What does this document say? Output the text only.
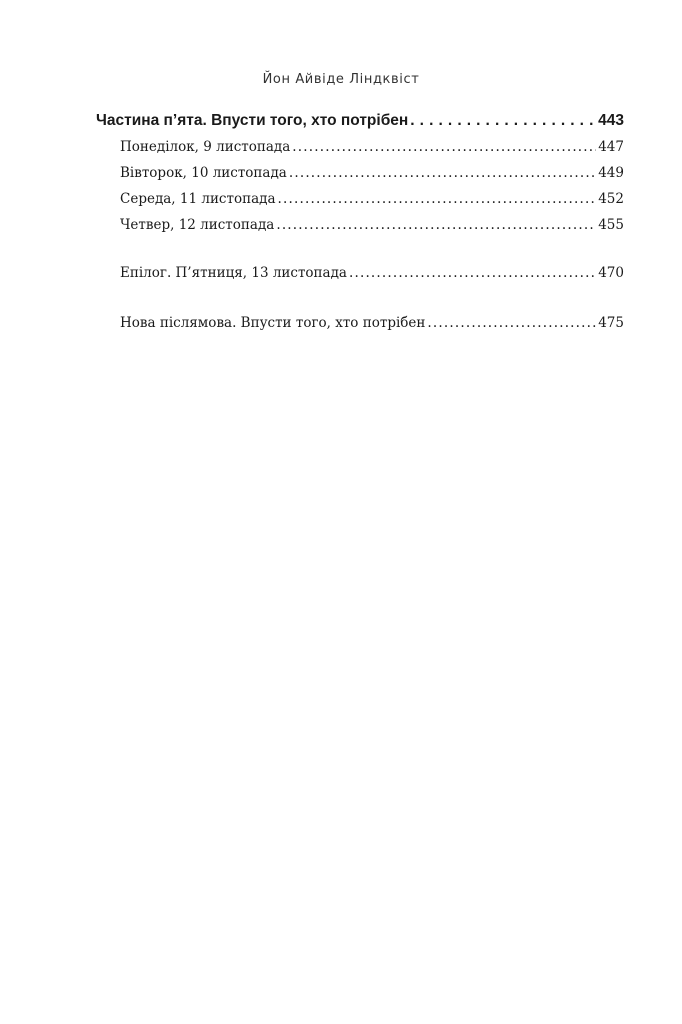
Йон Айвіде Ліндквіст
Частина п’ята. Впусти того, хто потрібен . . .	443
Понеділок, 9 листопада .....	447
Вівторок, 10 листопада .....	449
Середа, 11 листопада .....	452
Четвер, 12 листопада .....	455
Епілог. П’ятниця, 13 листопада .....	470
Нова післямова. Впусти того, хто потрібен .....	475
